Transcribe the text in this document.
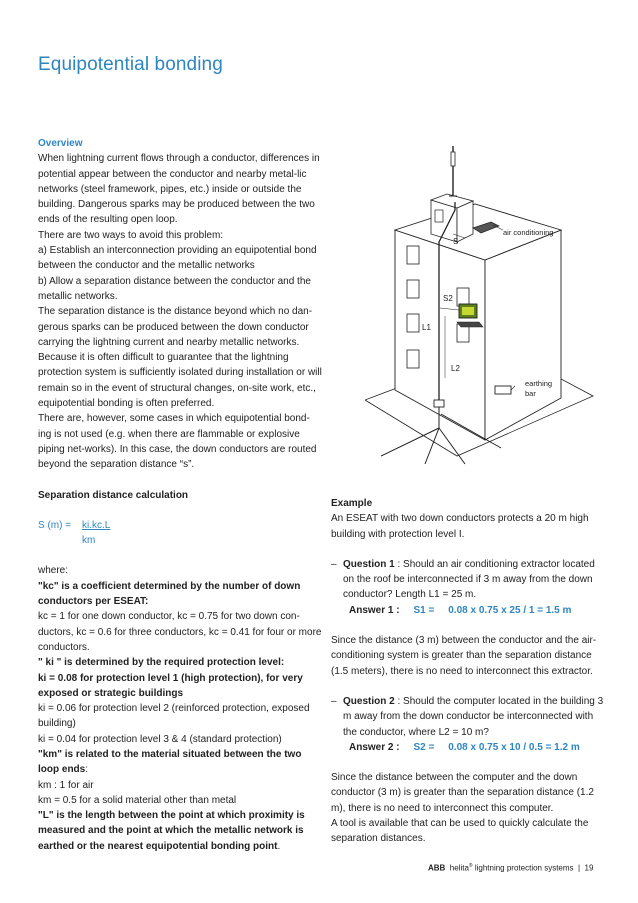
Equipotential bonding

Overview

When lightning current flows through a conductor, differences in potential appear between the conductor and nearby metal-lic networks (steel framework, pipes, etc.) inside or outside the building. Dangerous sparks may be produced between the two ends of the resulting open loop.

There are two ways to avoid this problem:

a) Establish an interconnection providing an equipotential bond between the conductor and the metallic networks

b) Allow a separation distance between the conductor and the metallic networks.

The separation distance is the distance beyond which no dan-gerous sparks can be produced between the down conductor carrying the lightning current and nearby metallic networks. Because it is often difficult to guarantee that the lightning protection system is sufficiently isolated during installation or will remain so in the event of structural changes, on-site work, etc., equipotential bonding is often preferred.

There are, however, some cases in which equipotential bond-ing is not used (e.g. when there are flammable or explosive piping net-works). In this case, the down conductors are routed beyond the separation distance “s”.

Separation distance calculation

S (m) =	$\frac{ki.kc.L}{km}$

where:

"kc" is a coefficient determined by the number of down conductors per ESEAT:

kc = 1 for one down conductor, kc = 0.75 for two down con-ductors, kc = 0.6 for three conductors, kc = 0.41 for four or more conductors.

" ki " is determined by the required protection level:

ki = 0.08 for protection level 1 (high protection), for very exposed or strategic buildings

ki = 0.06 for protection level 2 (reinforced protection, exposed building)

ki = 0.04 for protection level 3 & 4 (standard protection)

"km" is related to the material situated between the two loop ends:

km : 1 for air

km = 0.5 for a solid material other than metal

"L" is the length between the point at which proximity is measured and the point at which the metallic network is earthed or the nearest equipotential bonding point.

S
air conditioning
S2
L1
L2
earthing
bar

Example

An ESEAT with two down conductors protects a 20 m high building with protection level I.

– Question 1 : Should an air conditioning extractor located on the roof be interconnected if 3 m away from the down conductor? Length L1 = 25 m.

Answer 1 : S1 = 0.08 x 0.75 x 25 / 1 = 1.5 m

Since the distance (3 m) between the conductor and the air-conditioning system is greater than the separation distance (1.5 meters), there is no need to interconnect this extractor.

– Question 2 : Should the computer located in the building 3 m away from the down conductor be interconnected with the conductor, where L2 = 10 m?

Answer 2 : S2 = 0.08 x 0.75 x 10 / 0.5 = 1.2 m

Since the distance between the computer and the down conductor (3 m) is greater than the separation distance (1.2 m), there is no need to interconnect this computer.

A tool is available that can be used to quickly calculate the separation distances.

ABB helita® lightning protection systems | 19
